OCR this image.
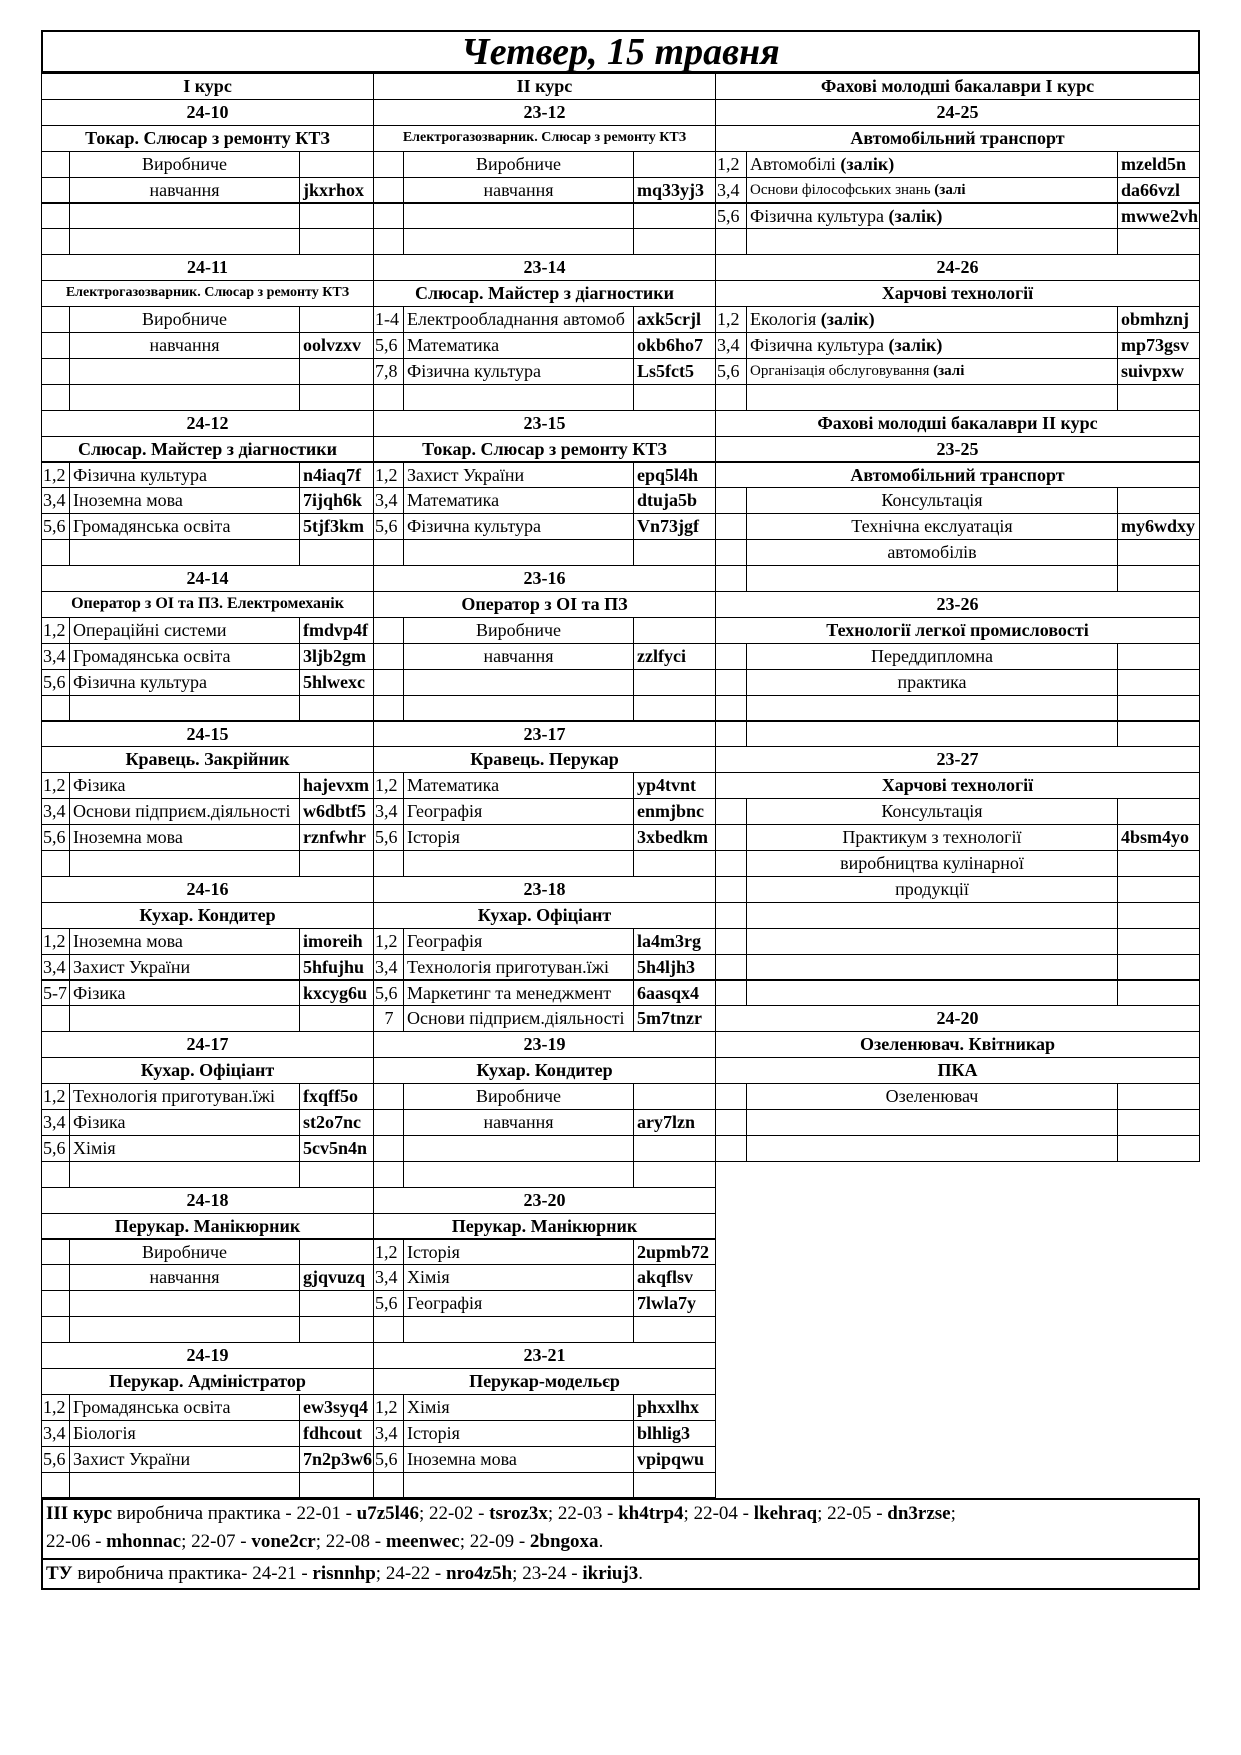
Четвер, 15 травня
І курс
24-10
Токар. Слюсар з ремонту КТЗ
Виробниче
навчання	jkxrhox
24-11
Електрогазозварник. Слюсар з ремонту КТЗ
Виробниче
навчання	oolvzxv
24-12
Слюсар. Майстер з діагностики
1,2 Фізична культура	n4iaq7f
3,4 Іноземна мова	7ijqh6k
5,6 Громадянська освіта	5tjf3km
24-14
Оператор з ОІ та ПЗ. Електромеханік
1,2 Операційні системи	fmdvp4f
3,4 Громадянська освіта	3ljb2gm
5,6 Фізична культура	5hlwexc
24-15
Кравець. Закрійник
1,2 Фізика	hajevxm
3,4 Основи підприєм.діяльності w6dbtf5
5,6 Іноземна мова	rznfwhr
24-16
Кухар. Кондитер
1,2 Іноземна мова	imoreih
3,4 Захист України	5hfujhu
5-7 Фізика	kxcyg6u
24-17
Кухар. Офіціант
1,2 Технологія приготуван.їжі	fxqff5o
3,4 Фізика	st2o7nc
5,6 Хімія	5cv5n4n
24-18
Перукар. Манікюрник
Виробниче
навчання	gjqvuzq
24-19
Перукар. Адміністратор
1,2 Громадянська освіта	ew3syq4
3,4 Біологія	fdhcout
5,6 Захист України	7n2p3w6
ІІ курс
23-12
Електрогазозварник. Слюсар з ремонту КТЗ
Виробниче
навчання	mq33yj3
23-14
Слюсар. Майстер з діагностики
1-4 Електрообладнання автомоб axk5crjl
5,6 Математика	okb6ho7
7,8 Фізична культура	Ls5fct5
23-15
Токар. Слюсар з ремонту КТЗ
1,2 Захист України	epq5l4h
3,4 Математика	dtuja5b
5,6 Фізична культура	Vn73jgf
23-16
Оператор з ОІ та ПЗ
Виробниче
навчання	zzlfyci
23-17
Кравець. Перукар
1,2 Математика	yp4tvnt
3,4 Географія	enmjbnc
5,6 Історія	3xbedkm
23-18
Кухар. Офіціант
1,2 Географія	la4m3rg
3,4 Технологія приготуван.їжі	5h4ljh3
5,6 Маркетинг та менеджмент	6aasqx4
7 Основи підприєм.діяльності 5m7tnzr
23-19
Кухар. Кондитер
Виробниче
навчання	ary7lzn
23-20
Перукар. Манікюрник
1,2 Історія	2upmb72
3,4 Хімія	akqflsv
5,6 Географія	7lwla7y
23-21
Перукар-модельєр
1,2 Хімія	phxxlhx
3,4 Історія	blhlig3
5,6 Іноземна мова	vpipqwu
Фахові молодші бакалаври І курс
24-25
Автомобільний транспорт
1,2 Автомобілі (залік)	mzeld5n
3,4 Основи філософських знань (залі	da66vzl
5,6 Фізична культура (залік)	mwwe2vh
24-26
Харчові технології
1,2 Екологія (залік)	obmhznj
3,4 Фізична культура (залік)	mp73gsv
5,6 Організація обслуговування (залі	suivpxw
Фахові молодші бакалаври ІІ курс
23-25
Автомобільний транспорт
Консультація
Технічна екслуатація	my6wdxy
автомобілів
23-26
Технології легкої промисловості
Переддипломна
практика
23-27
Харчові технології
Консультація
Практикум з технології	4bsm4yo
виробництва кулінарної
продукції
24-20
Озеленювач. Квітникар
ПКА
Озеленювач
ІІІ курс виробнича практика - 22-01 - u7z5l46; 22-02 - tsroz3x; 22-03 - kh4trp4; 22-04 - lkehraq; 22-05 - dn3rzse;
22-06 - mhonnac; 22-07 - vone2cr; 22-08 - meenwec; 22-09 - 2bngoxa.
ТУ виробнича практика- 24-21 - risnnhp; 24-22 - nro4z5h; 23-24 - ikriuj3.
